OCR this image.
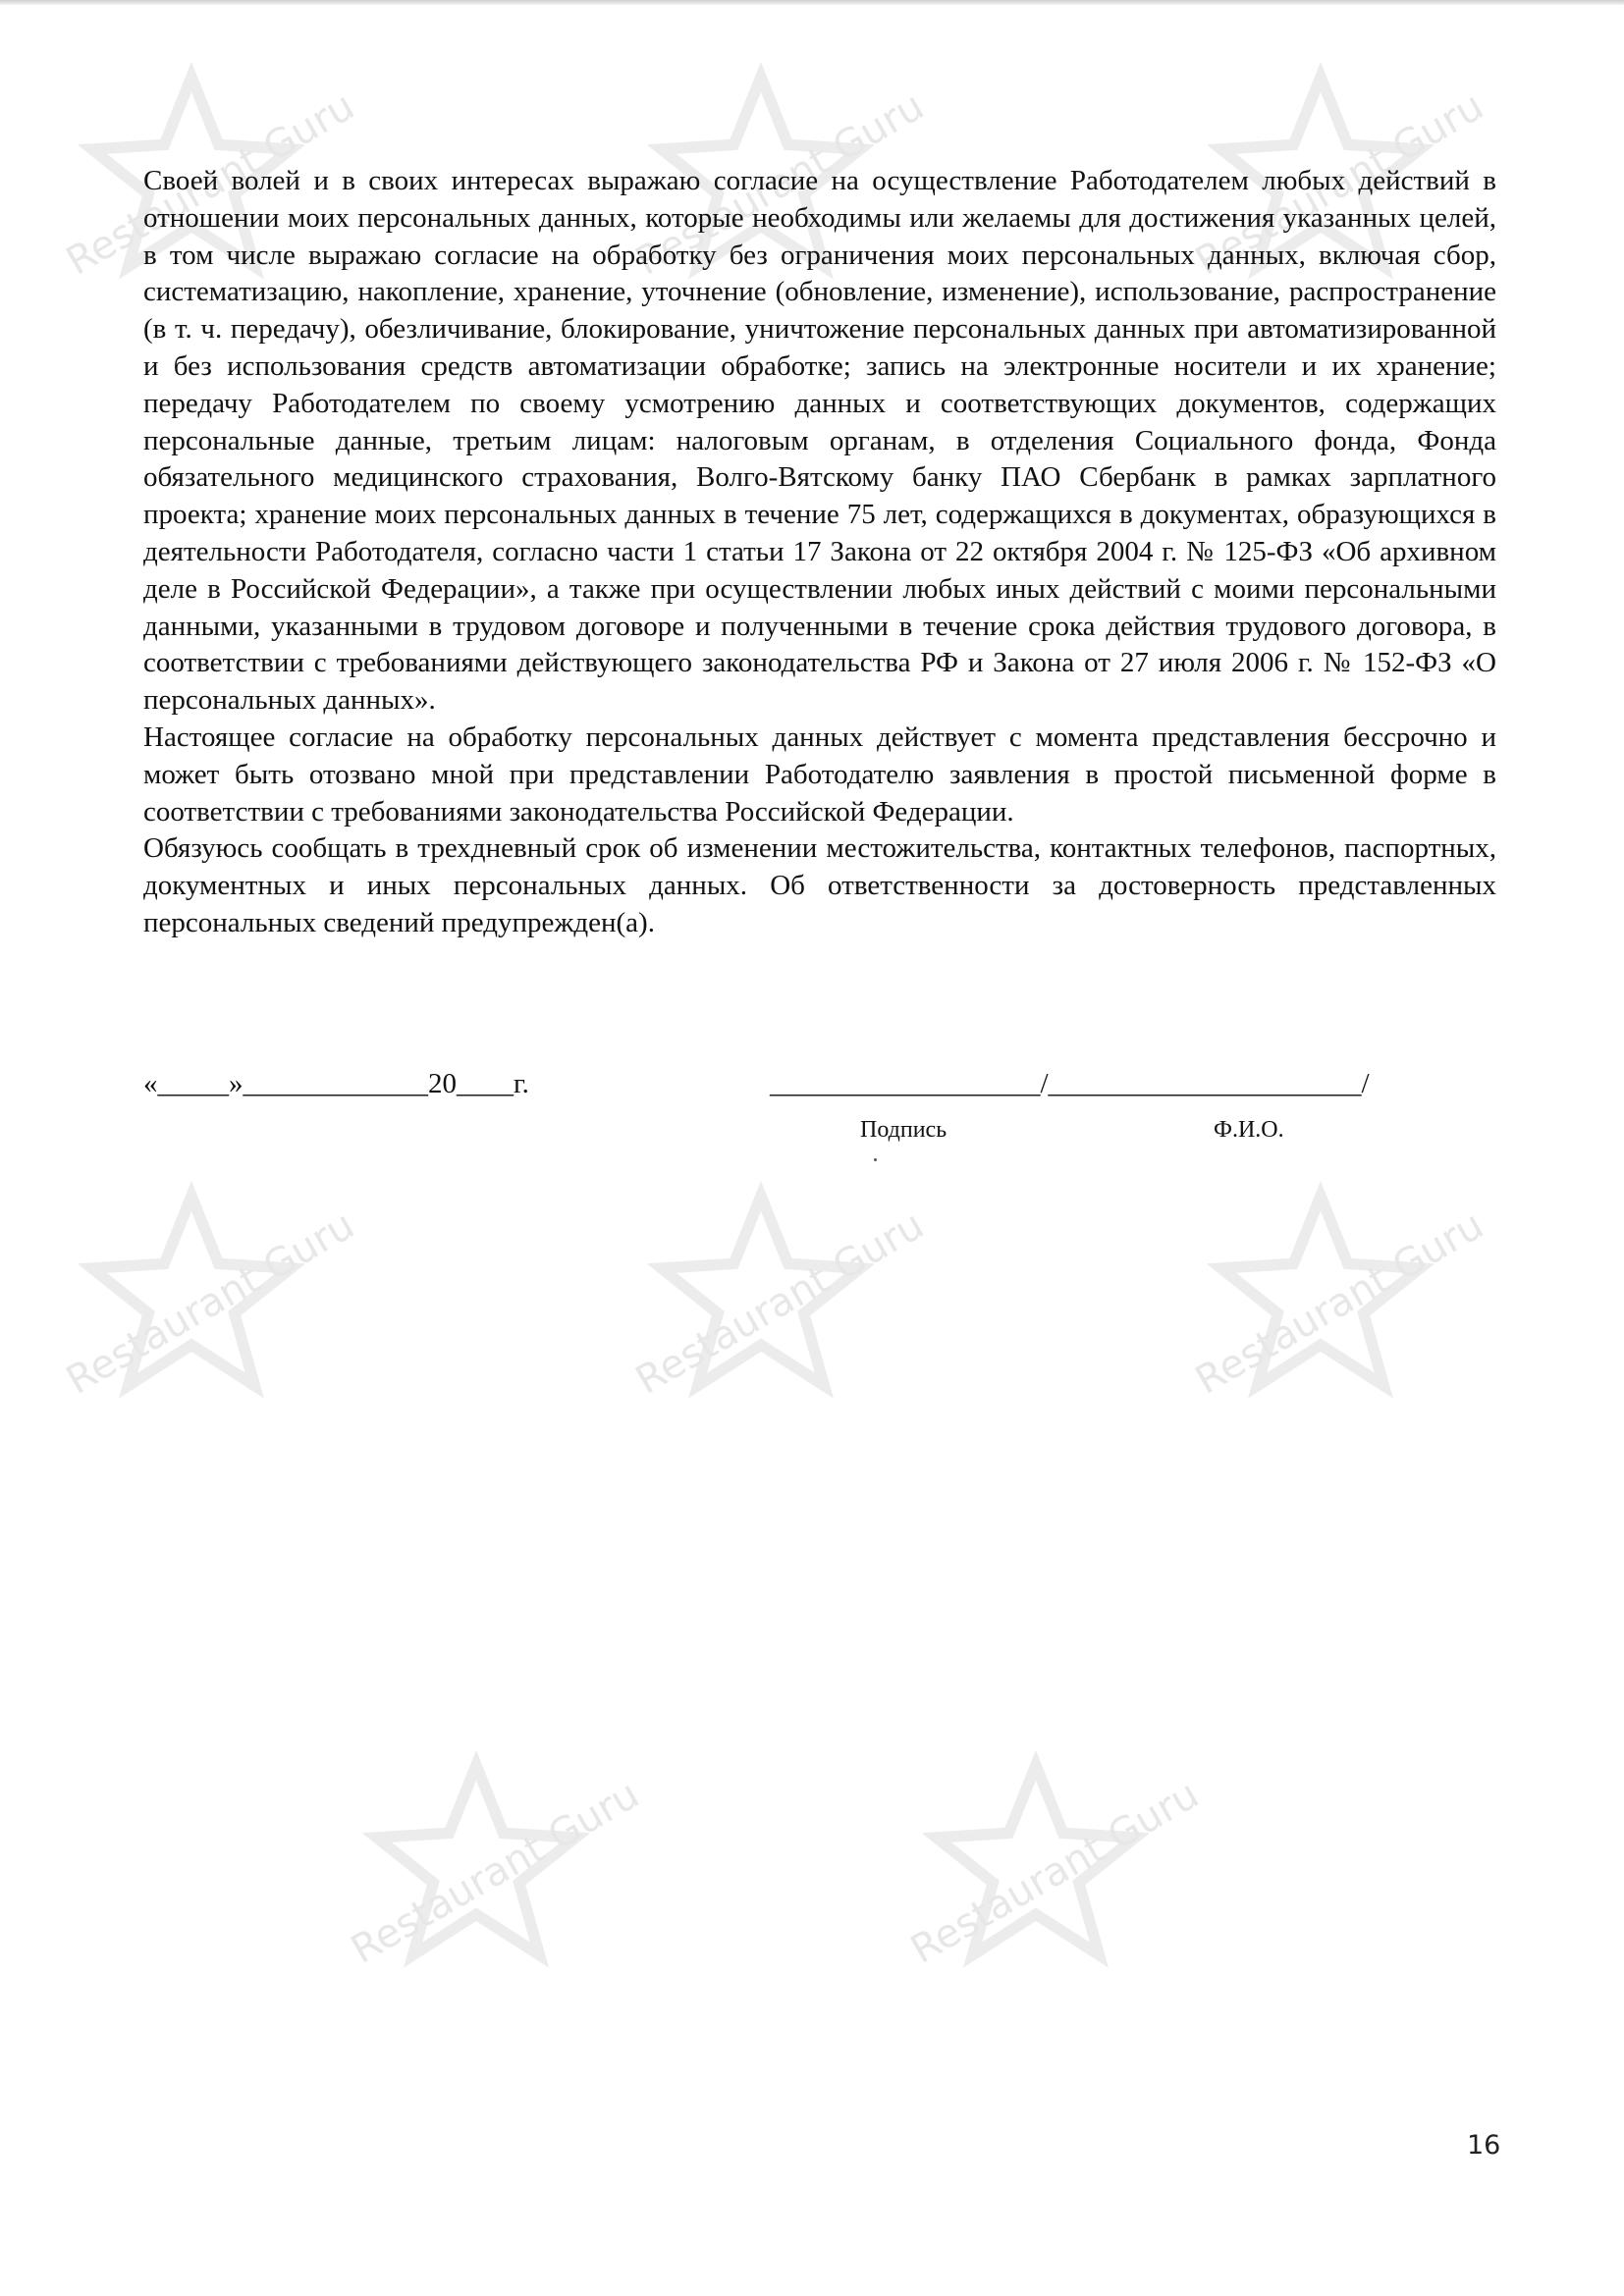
Restaurant Guru	Restaurant Guru	Restaurant Guru
Restaurant Guru	Restaurant Guru	Restaurant Guru
Restaurant Guru	Restaurant Guru

Своей волей и в своих интересах выражаю согласие на осуществление Работодателем любых действий в отношении моих персональных данных, которые необходимы или желаемы для достижения указанных целей, в том числе выражаю согласие на обработку без ограничения моих персональных данных, включая сбор, систематизацию, накопление, хранение, уточнение (обновление, изменение), использование, распространение (в т. ч. передачу), обезличивание, блокирование, уничтожение персональных данных при автоматизированной и без использования средств автоматизации обработке; запись на электронные носители и их хранение; передачу Работодателем по своему усмотрению данных и соответствующих документов, содержащих персональные данные, третьим лицам: налоговым органам, в отделения Социального фонда, Фонда обязательного медицинского страхования, Волго-Вятскому банку ПАО Сбербанк в рамках зарплатного проекта; хранение моих персональных данных в течение 75 лет, содержащихся в документах, образующихся в деятельности Работодателя, согласно части 1 статьи 17 Закона от 22 октября 2004 г. № 125-ФЗ «Об архивном деле в Российской Федерации», а также при осуществлении любых иных действий с моими персональными данными, указанными в трудовом договоре и полученными в течение срока действия трудового договора, в соответствии с требованиями действующего законодательства РФ и Закона от 27 июля 2006 г. № 152-ФЗ «О персональных данных».

Настоящее согласие на обработку персональных данных действует с момента представления бессрочно и может быть отозвано мной при представлении Работодателю заявления в простой письменной форме в соответствии с требованиями законодательства Российской Федерации.

Обязуюсь сообщать в трехдневный срок об изменении местожительства, контактных телефонов, паспортных, документных и иных персональных данных. Об ответственности за достоверность представленных персональных сведений предупрежден(а).

«_____»_____________20____г.	___________________/______________________/
Подпись	Ф.И.О.
16
